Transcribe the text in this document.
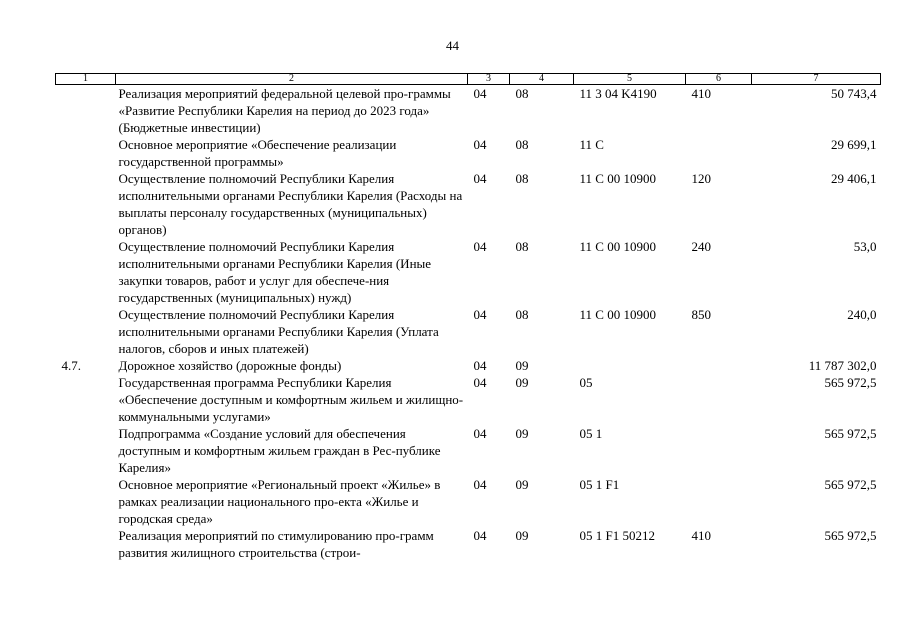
44
1	2	3	4	5	6	7
	Реализация мероприятий федеральной целевой про-граммы «Развитие Республики Карелия на период до 2023 года» (Бюджетные инвестиции)	04	08	11 3 04 K4190	410	50 743,4
	Основное мероприятие «Обеспечение реализации государственной программы»	04	08	11 С		29 699,1
	Осуществление полномочий Республики Карелия исполнительными органами Республики Карелия (Расходы на выплаты персоналу государственных (муниципальных) органов)	04	08	11 С 00 10900	120	29 406,1
	Осуществление полномочий Республики Карелия исполнительными органами Республики Карелия (Иные закупки товаров, работ и услуг для обеспече-ния государственных (муниципальных) нужд)	04	08	11 С 00 10900	240	53,0
	Осуществление полномочий Республики Карелия исполнительными органами Республики Карелия (Уплата налогов, сборов и иных платежей)	04	08	11 С 00 10900	850	240,0
4.7.	Дорожное хозяйство (дорожные фонды)	04	09			11 787 302,0
	Государственная программа Республики Карелия «Обеспечение доступным и комфортным жильем и жилищно-коммунальными услугами»	04	09	05		565 972,5
	Подпрограмма «Создание условий для обеспечения доступным и комфортным жильем граждан в Рес-публике Карелия»	04	09	05 1		565 972,5
	Основное мероприятие «Региональный проект «Жилье» в рамках реализации национального про-екта «Жилье и городская среда»	04	09	05 1 F1		565 972,5
	Реализация мероприятий по стимулированию про-грамм развития жилищного строительства (строи-	04	09	05 1 F1 50212	410	565 972,5
